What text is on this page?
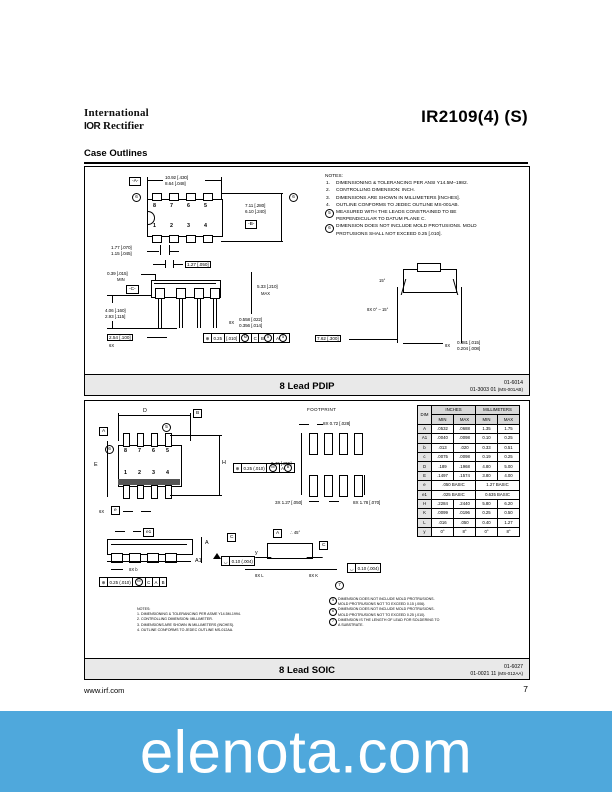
International
IOR Rectifier	IR2109(4) (S)
Case Outlines
-A-
6	6
10.92 [.430]
8.64 [.048]
8	7	6	5
1	2	3	4
7.11 [.280]
6.10 [.240]
-B-
1.77 [.070]
1.15 [.045]
1.27 [.050]
0.39 [.015]
MIN
-C-
4.06 [.160]
2.93 [.115]
5.33 [.210]
MAX
2.54 [.100]
6X
8X
0.558 [.022]
0.356 [.014]
⊕ 0.25 [.010]	M	C B 5	A 5
8X 0° – 15°
15°
7.62 [.300]
8X
0.381 [.015]
0.204 [.008]
NOTES:
1. DIMENSIONING & TOLERANCING PER ANSI Y14.5M–1982.
2. CONTROLLING DIMENSION: INCH.
3. DIMENSIONS ARE SHOWN IN MILLIMETERS [INCHES].
4. OUTLINE CONFORMS TO JEDEC OUTLINE MS-001AB.
5	MEASURED WITH THE LEADS CONSTRAINED TO BE
PERPENDICULAR TO DATUM PLANE C.
6	DIMENSION DOES NOT INCLUDE MOLD PROTUSIONS. MOLD
PROTUSIONS SHALL NOT EXCEED 0.25 [.010].
8 Lead PDIP	01-6014
01-3003 01 (MS-001AB)
B
A
6
5
D
E
8 7 6 5
1 2 3 4
H
6X	e
⊕ 0.25 (.010)	M	A B
FOOTPRINT
8X 0.72 [.028]
6.46 [.255]
3X 1.27 [.050]	8X 1.78 [.070]
e1
A
A1
8X b
C
◡ 0.10 (.004)
⊕ 0.25 (.010)	M	C A B
∴ 45°
A
C
y
8X L	8X K
◡ 0.10 (.004)
7
NOTES:
1. DIMENSIONING & TOLERANCING PER ASME Y14.5M-1994.
2. CONTROLLING DIMENSION: MILLIMETER.
3. DIMENSIONS ARE SHOWN IN MILLIMETERS (INCHES).
4. OUTLINE CONFORMS TO JEDEC OUTLINE MS-012AA.
5	DIMENSION DOES NOT INCLUDE MOLD PROTRUSIONS.
MOLD PROTRUSIONS NOT TO EXCEED 0.15 (.006).
6	DIMENSION DOES NOT INCLUDE MOLD PROTRUSIONS.
MOLD PROTRUSIONS NOT TO EXCEED 0.25 (.010).
7	DIMENSION IS THE LENGTH OF LEAD FOR SOLDERING TO
A SUBSTRATE.
DIM	INCHES		MILLIMETERS	
	MIN	MAX	MIN	MAX
A	.0532	.0688	1.35	1.75
A1	.0040	.0098	0.10	0.25
b	.013	.020	0.33	0.51
c	.0075	.0098	0.19	0.25
D	.189	.1968	4.80	5.00
E	.1497	.1574	3.80	4.00
e	.050 BASIC		1.27 BASIC	
e1	.025 BASIC		0.635 BASIC	
H	.2284	.2440	5.80	6.20
K	.0099	.0196	0.25	0.50
L	.016	.050	0.40	1.27
y	0°	8°	0°	8°
8 Lead SOIC	01-6027
01-0021 11 (MS-012AA)
www.irf.com	7
elenota.com
